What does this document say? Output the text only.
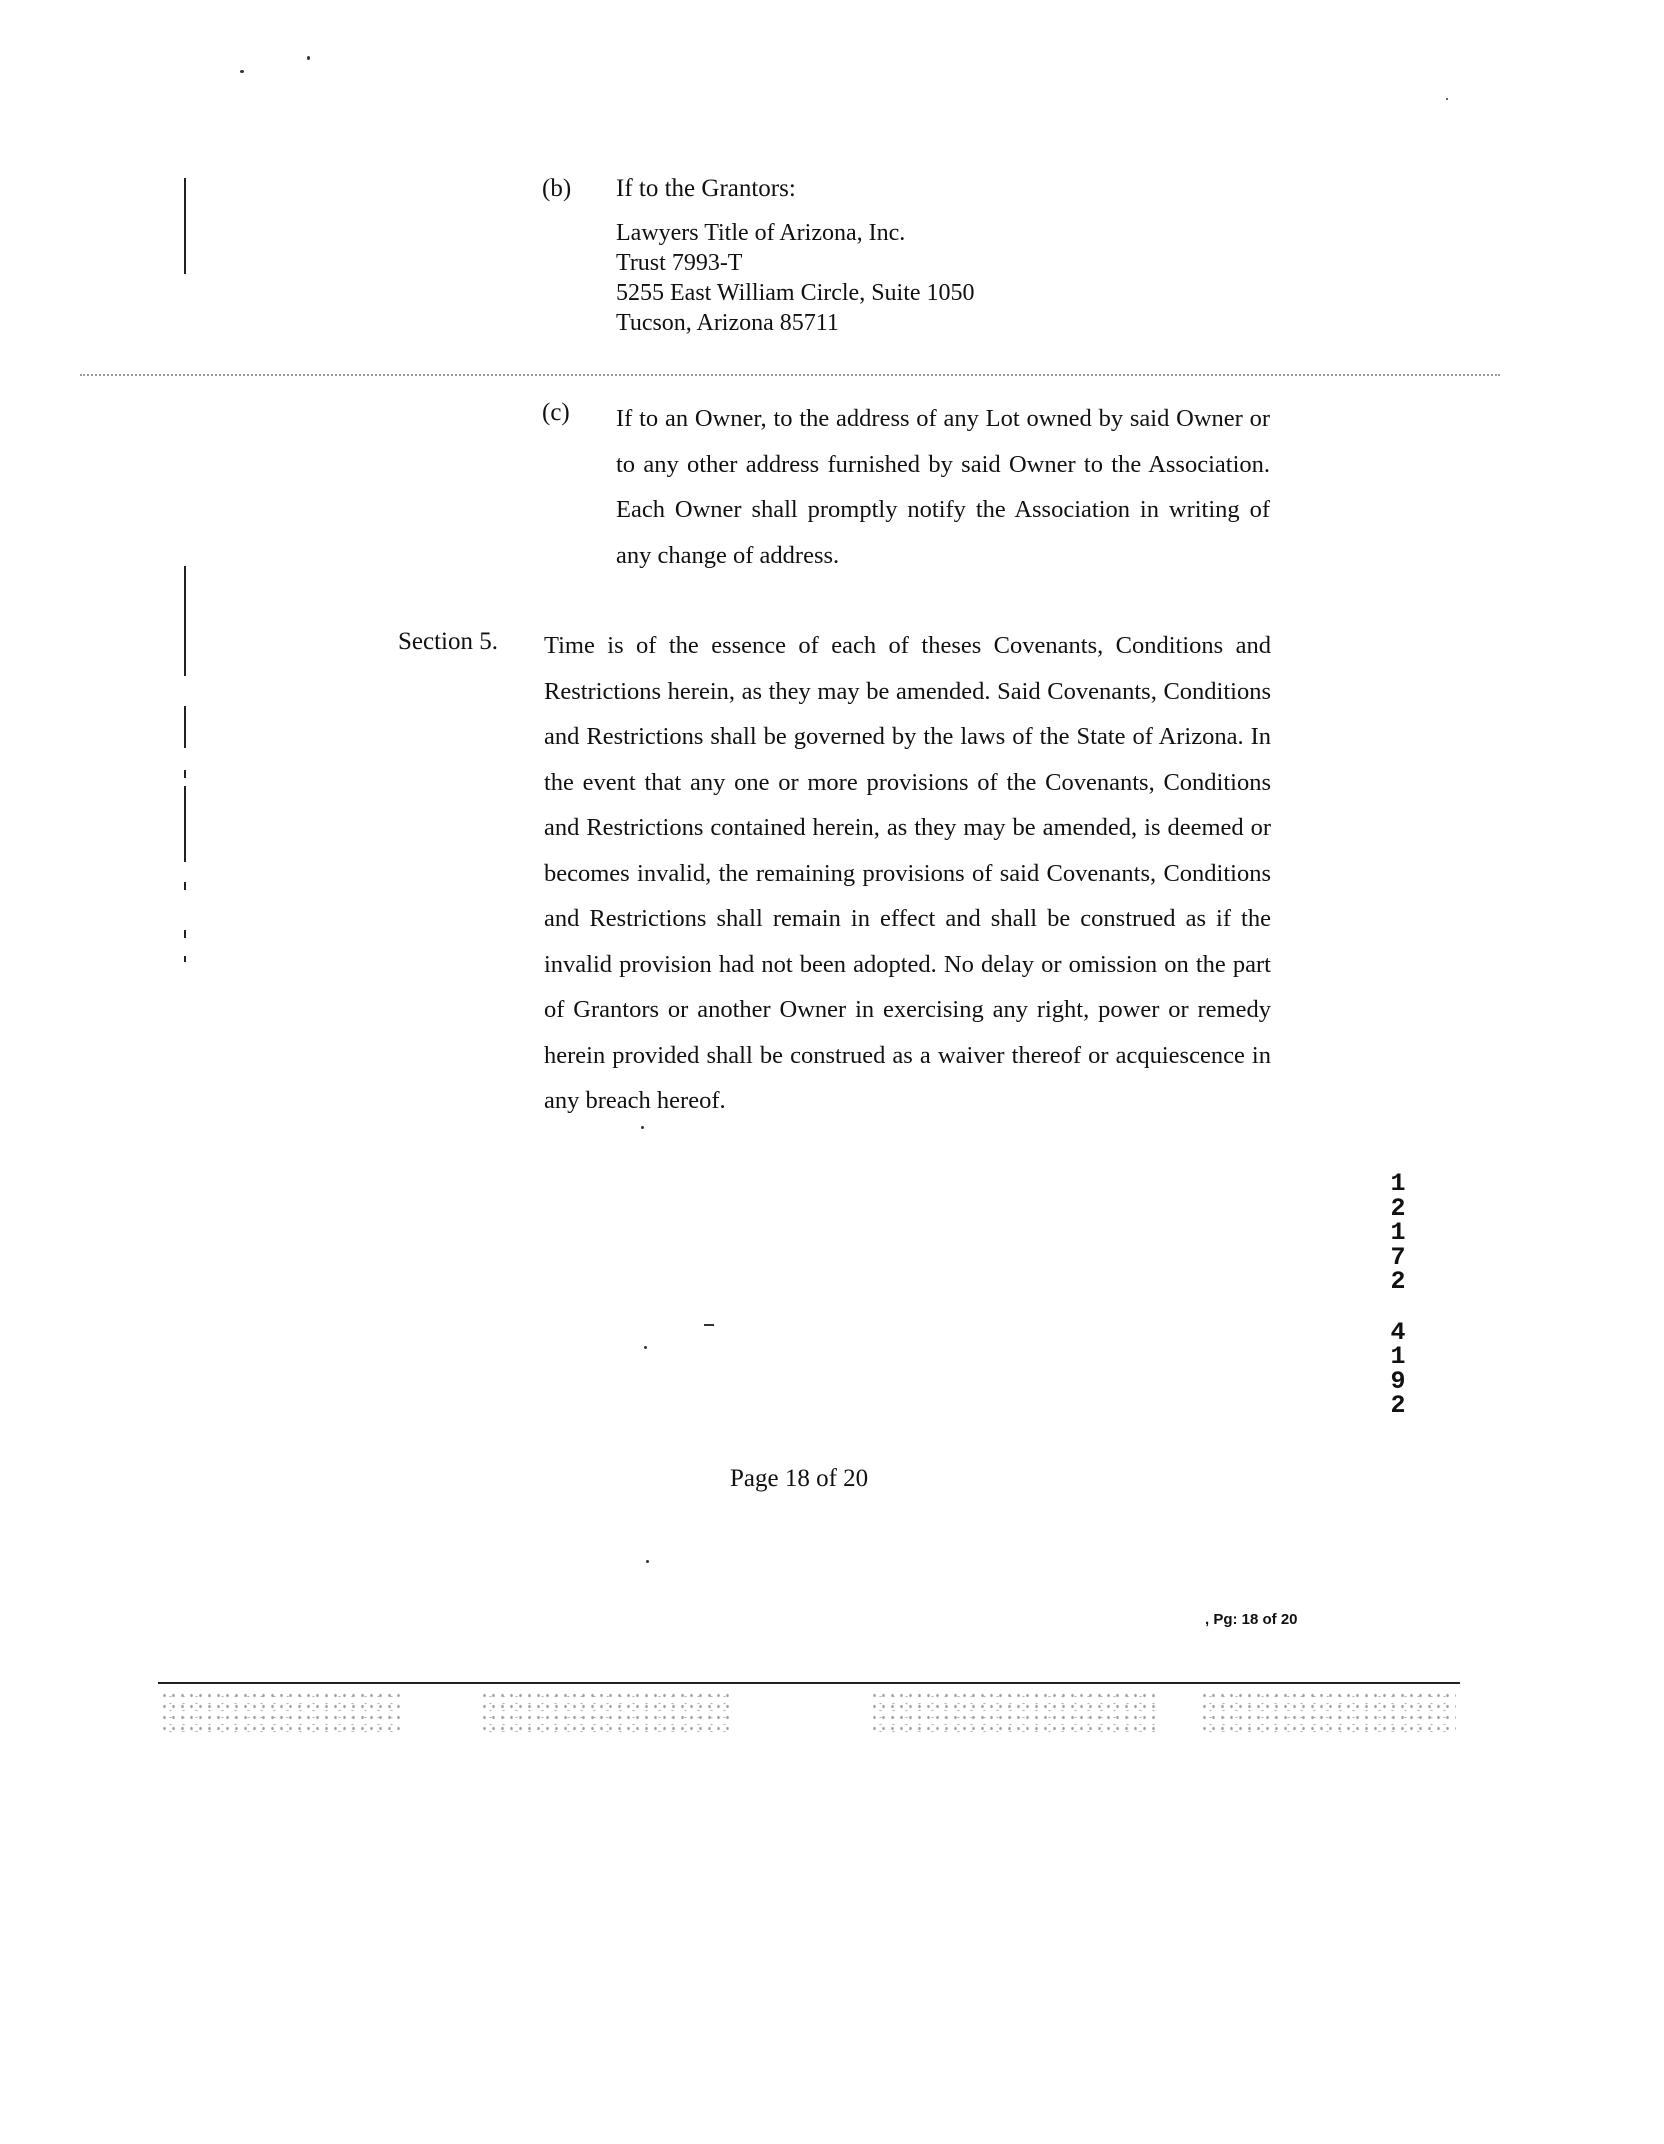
(b) If to the Grantors:
Lawyers Title of Arizona, Inc.
Trust 7993-T
5255 East William Circle, Suite 1050
Tucson, Arizona 85711
(c) If to an Owner, to the address of any Lot owned by said Owner or to any other address furnished by said Owner to the Association. Each Owner shall promptly notify the Association in writing of any change of address.
Section 5. Time is of the essence of each of theses Covenants, Conditions and Restrictions herein, as they may be amended. Said Covenants, Conditions and Restrictions shall be governed by the laws of the State of Arizona. In the event that any one or more provisions of the Covenants, Conditions and Restrictions contained herein, as they may be amended, is deemed or becomes invalid, the remaining provisions of said Covenants, Conditions and Restrictions shall remain in effect and shall be construed as if the invalid provision had not been adopted. No delay or omission on the part of Grantors or another Owner in exercising any right, power or remedy herein provided shall be construed as a waiver thereof or acquiescence in any breach hereof.
1
2
1
7
2
4
1
9
2
Page 18 of 20
, Pg: 18 of 20
